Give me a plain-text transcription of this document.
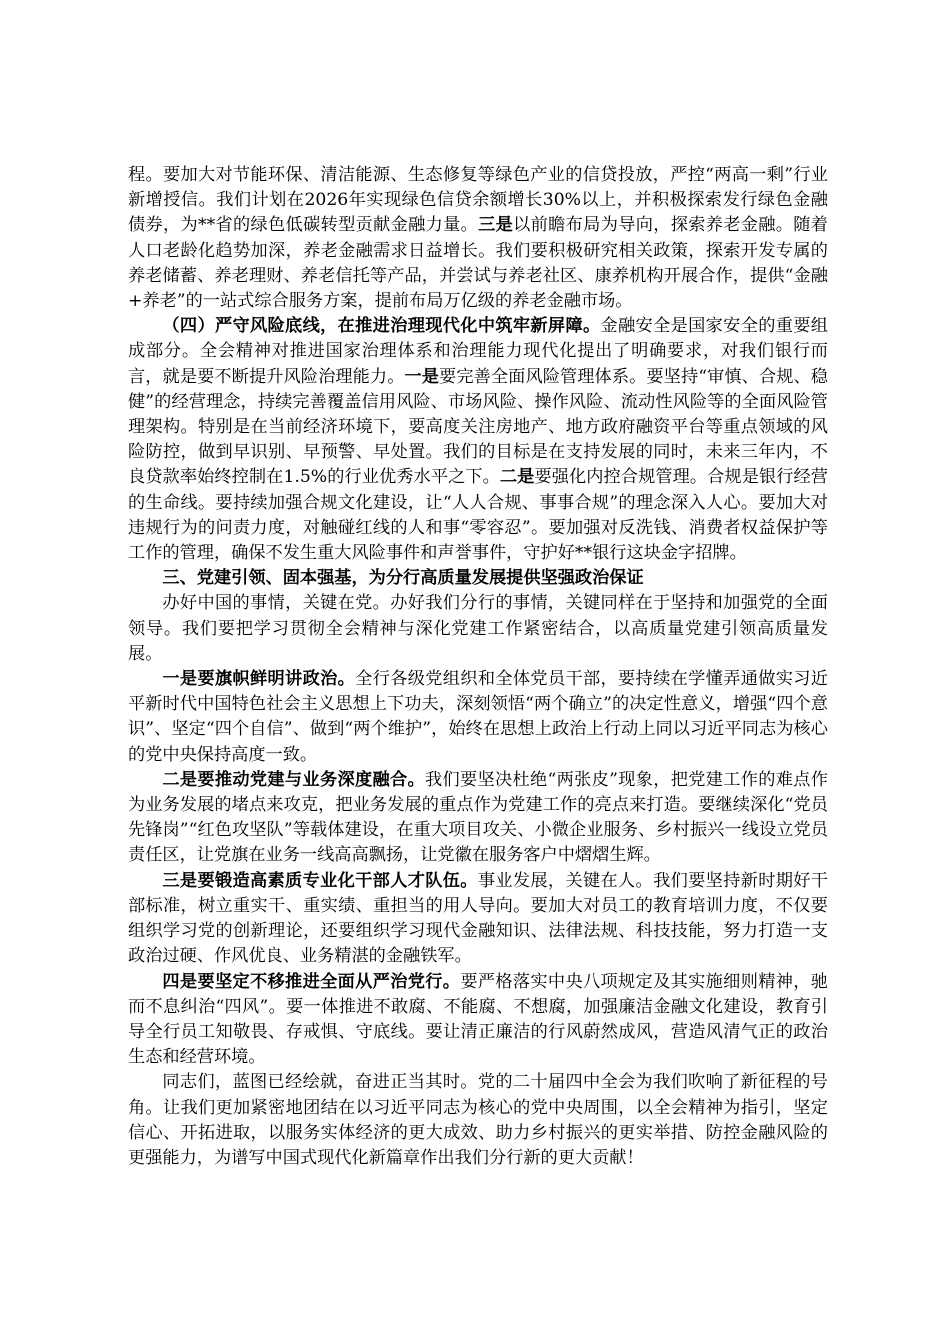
程。要加大对节能环保、清洁能源、生态修复等绿色产业的信贷投放，严控“两高一剩”行业新增授信。我们计划在2026年实现绿色信贷余额增长30%以上，并积极探索发行绿色金融债券，为**省的绿色低碳转型贡献金融力量。三是以前瞻布局为导向，探索养老金融。随着人口老龄化趋势加深，养老金融需求日益增长。我们要积极研究相关政策，探索开发专属的养老储蓄、养老理财、养老信托等产品，并尝试与养老社区、康养机构开展合作，提供“金融+养老”的一站式综合服务方案，提前布局万亿级的养老金融市场。

（四）严守风险底线，在推进治理现代化中筑牢新屏障。金融安全是国家安全的重要组成部分。全会精神对推进国家治理体系和治理能力现代化提出了明确要求，对我们银行而言，就是要不断提升风险治理能力。一是要完善全面风险管理体系。要坚持“审慎、合规、稳健”的经营理念，持续完善覆盖信用风险、市场风险、操作风险、流动性风险等的全面风险管理架构。特别是在当前经济环境下，要高度关注房地产、地方政府融资平台等重点领域的风险防控，做到早识别、早预警、早处置。我们的目标是在支持发展的同时，未来三年内，不良贷款率始终控制在1.5%的行业优秀水平之下。二是要强化内控合规管理。合规是银行经营的生命线。要持续加强合规文化建设，让“人人合规、事事合规”的理念深入人心。要加大对违规行为的问责力度，对触碰红线的人和事“零容忍”。要加强对反洗钱、消费者权益保护等工作的管理，确保不发生重大风险事件和声誉事件，守护好**银行这块金字招牌。

三、党建引领、固本强基，为分行高质量发展提供坚强政治保证

办好中国的事情，关键在党。办好我们分行的事情，关键同样在于坚持和加强党的全面领导。我们要把学习贯彻全会精神与深化党建工作紧密结合，以高质量党建引领高质量发展。

一是要旗帜鲜明讲政治。全行各级党组织和全体党员干部，要持续在学懂弄通做实习近平新时代中国特色社会主义思想上下功夫，深刻领悟“两个确立”的决定性意义，增强“四个意识”、坚定“四个自信”、做到“两个维护”，始终在思想上政治上行动上同以习近平同志为核心的党中央保持高度一致。

二是要推动党建与业务深度融合。我们要坚决杜绝“两张皮”现象，把党建工作的难点作为业务发展的堵点来攻克，把业务发展的重点作为党建工作的亮点来打造。要继续深化“党员先锋岗”“红色攻坚队”等载体建设，在重大项目攻关、小微企业服务、乡村振兴一线设立党员责任区，让党旗在业务一线高高飘扬，让党徽在服务客户中熠熠生辉。

三是要锻造高素质专业化干部人才队伍。事业发展，关键在人。我们要坚持新时期好干部标准，树立重实干、重实绩、重担当的用人导向。要加大对员工的教育培训力度，不仅要组织学习党的创新理论，还要组织学习现代金融知识、法律法规、科技技能，努力打造一支政治过硬、作风优良、业务精湛的金融铁军。

四是要坚定不移推进全面从严治党行。要严格落实中央八项规定及其实施细则精神，驰而不息纠治“四风”。要一体推进不敢腐、不能腐、不想腐，加强廉洁金融文化建设，教育引导全行员工知敬畏、存戒惧、守底线。要让清正廉洁的行风蔚然成风，营造风清气正的政治生态和经营环境。

同志们，蓝图已经绘就，奋进正当其时。党的二十届四中全会为我们吹响了新征程的号角。让我们更加紧密地团结在以习近平同志为核心的党中央周围，以全会精神为指引，坚定信心、开拓进取，以服务实体经济的更大成效、助力乡村振兴的更实举措、防控金融风险的更强能力，为谱写中国式现代化新篇章作出我们分行新的更大贡献！
